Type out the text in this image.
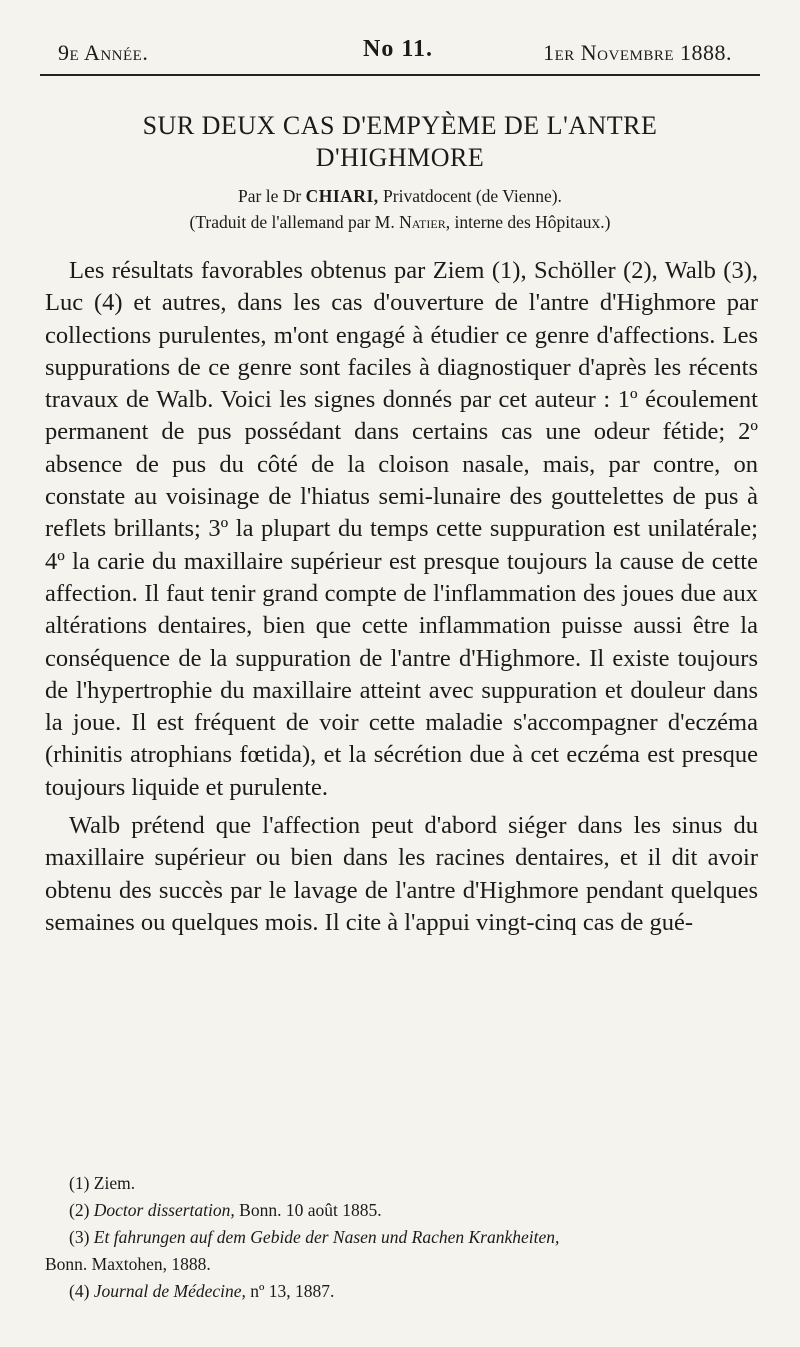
9e Année.	No 11.	1er Novembre 1888.
SUR DEUX CAS D'EMPYÈME DE L'ANTRE
D'HIGHMORE
Par le Dr CHIARI, Privatdocent (de Vienne).
(Traduit de l'allemand par M. Natier, interne des Hôpitaux.)

Les résultats favorables obtenus par Ziem (1), Schöller (2), Walb (3), Luc (4) et autres, dans les cas d'ouverture de l'antre d'Highmore par collections purulentes, m'ont engagé à étudier ce genre d'affections. Les suppurations de ce genre sont faciles à diagnostiquer d'après les récents travaux de Walb. Voici les signes donnés par cet auteur : 1º écoulement permanent de pus possédant dans certains cas une odeur fétide; 2º absence de pus du côté de la cloison nasale, mais, par contre, on constate au voisinage de l'hiatus semi-lunaire des gouttelettes de pus à reflets brillants; 3º la plupart du temps cette suppuration est unilatérale; 4º la carie du maxillaire supérieur est presque toujours la cause de cette affection. Il faut tenir grand compte de l'inflammation des joues due aux altérations dentaires, bien que cette inflammation puisse aussi être la conséquence de la suppuration de l'antre d'Highmore. Il existe toujours de l'hypertrophie du maxillaire atteint avec suppuration et douleur dans la joue. Il est fréquent de voir cette maladie s'accompagner d'eczéma (rhinitis atrophians fœtida), et la sécrétion due à cet eczéma est presque toujours liquide et purulente.

Walb prétend que l'affection peut d'abord siéger dans les sinus du maxillaire supérieur ou bien dans les racines dentaires, et il dit avoir obtenu des succès par le lavage de l'antre d'Highmore pendant quelques semaines ou quelques mois. Il cite à l'appui vingt-cinq cas de gué-

(1) Ziem.
(2) Doctor dissertation, Bonn. 10 août 1885.
(3) Et fahrungen auf dem Gebide der Nasen und Rachen Krankheiten,
Bonn. Maxtohen, 1888.
(4) Journal de Médecine, nº 13, 1887.
